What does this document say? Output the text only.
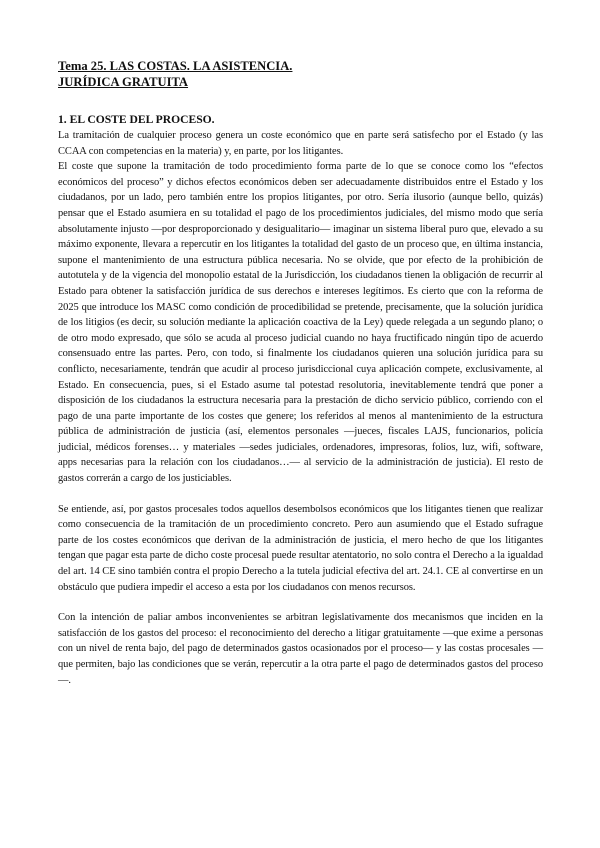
Tema 25. LAS COSTAS. LA ASISTENCIA.
JURÍDICA GRATUITA
1. EL COSTE DEL PROCESO.

La tramitación de cualquier proceso genera un coste económico que en parte será satisfecho por el Estado (y las CCAA con competencias en la materia) y, en parte, por los litigantes.

El coste que supone la tramitación de todo procedimiento forma parte de lo que se conoce como los “efectos económicos del proceso” y dichos efectos económicos deben ser adecuadamente distribuidos entre el Estado y los ciudadanos, por un lado, pero también entre los propios litigantes, por otro. Sería ilusorio (aunque bello, quizás) pensar que el Estado asumiera en su totalidad el pago de los procedimientos judiciales, del mismo modo que sería absolutamente injusto —por desproporcionado y desigualitario— imaginar un sistema liberal puro que, elevado a su máximo exponente, llevara a repercutir en los litigantes la totalidad del gasto de un proceso que, en última instancia, supone el mantenimiento de una estructura pública necesaria. No se olvide, que por efecto de la prohibición de autotutela y de la vigencia del monopolio estatal de la Jurisdicción, los ciudadanos tienen la obligación de recurrir al Estado para obtener la satisfacción jurídica de sus derechos e intereses legítimos. Es cierto que con la reforma de 2025 que introduce los MASC como condición de procedibilidad se pretende, precisamente, que la solución jurídica de los litigios (es decir, su solución mediante la aplicación coactiva de la Ley) quede relegada a un segundo plano; o de otro modo expresado, que sólo se acuda al proceso judicial cuando no haya fructificado ningún tipo de acuerdo consensuado entre las partes. Pero, con todo, si finalmente los ciudadanos quieren una solución jurídica para su conflicto, necesariamente, tendrán que acudir al proceso jurisdiccional cuya aplicación compete, exclusivamente, al Estado. En consecuencia, pues, si el Estado asume tal potestad resolutoria, inevitablemente tendrá que poner a disposición de los ciudadanos la estructura necesaria para la prestación de dicho servicio público, corriendo con el pago de una parte importante de los costes que genere; los referidos al menos al mantenimiento de la estructura pública de administración de justicia (así, elementos personales —jueces, fiscales LAJS, funcionarios, policía judicial, médicos forenses… y materiales —sedes judiciales, ordenadores, impresoras, folios, luz, wifi, software, apps necesarias para la relación con los ciudadanos…— al servicio de la administración de justicia). El resto de gastos correrán a cargo de los justiciables.

Se entiende, así, por gastos procesales todos aquellos desembolsos económicos que los litigantes tienen que realizar como consecuencia de la tramitación de un procedimiento concreto. Pero aun asumiendo que el Estado sufrague parte de los costes económicos que derivan de la administración de justicia, el mero hecho de que los litigantes tengan que pagar esta parte de dicho coste procesal puede resultar atentatorio, no solo contra el Derecho a la igualdad del art. 14 CE sino también contra el propio Derecho a la tutela judicial efectiva del art. 24.1. CE al convertirse en un obstáculo que pudiera impedir el acceso a esta por los ciudadanos con menos recursos.

Con la intención de paliar ambos inconvenientes se arbitran legislativamente dos mecanismos que inciden en la satisfacción de los gastos del proceso: el reconocimiento del derecho a litigar gratuitamente —que exime a personas con un nivel de renta bajo, del pago de determinados gastos ocasionados por el proceso— y las costas procesales —que permiten, bajo las condiciones que se verán, repercutir a la otra parte el pago de determinados gastos del proceso—.
